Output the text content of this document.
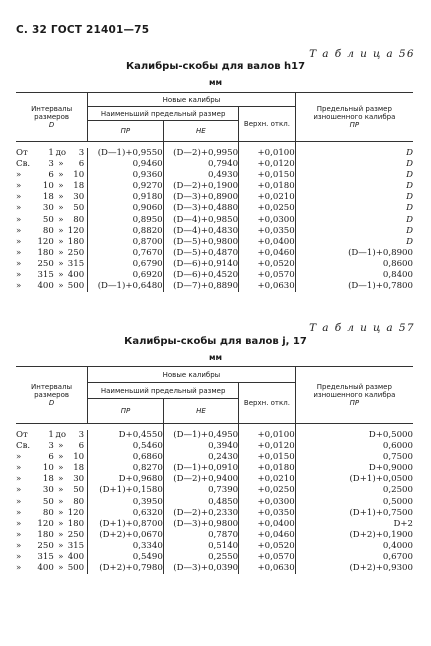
С. 32 ГОСТ 21401—75
Т а б л и ц а 56
Калибры-скобы для валов h17
мм
Интервалы размеров
D				Новые калибры			Предельный размер изношенного калибра
ПР
				Наименьший предельный размер		Верхн. откл.	
				ПР	НЕ		

От	1	до	3	(D—1)+0,9550	(D—2)+0,9950	+0,0100	D
Св.	3	»	6	0,9460	0,7940	+0,0120	D
»	6	»	10	0,9360	0,4930	+0,0150	D
»	10	»	18	0,9270	(D—2)+0,1900	+0,0180	D
»	18	»	30	0,9180	(D—3)+0,8900	+0,0210	D
»	30	»	50	0,9060	(D—3)+0,4880	+0,0250	D
»	50	»	80	0,8950	(D—4)+0,9850	+0,0300	D
»	80	»	120	0,8820	(D—4)+0,4830	+0,0350	D
»	120	»	180	0,8700	(D—5)+0,9800	+0,0400	D
»	180	»	250	0,7670	(D—5)+0,4870	+0,0460	(D—1)+0,8900
»	250	»	315	0,6790	(D—6)+0,9140	+0,0520	0,8600
»	315	»	400	0,6920	(D—6)+0,4520	+0,0570	0,8400
»	400	»	500	(D—1)+0,6480	(D—7)+0,8890	+0,0630	(D—1)+0,7800
Т а б л и ц а 57
Калибры-скобы для валов j, 17
мм
Интервалы размеров
D				Новые калибры			Предельный размер изношенного калибра
ПР
				Наименьший предельный размер		Верхн. откл.	
				ПР	НЕ		

От	1	до	3	D+0,4550	(D—1)+0,4950	+0,0100	D+0,5000
Св.	3	»	6	0,5460	0,3940	+0,0120	0,6000
»	6	»	10	0,6860	0,2430	+0,0150	0,7500
»	10	»	18	0,8270	(D—1)+0,0910	+0,0180	D+0,9000
»	18	»	30	D+0,9680	(D—2)+0,9400	+0,0210	(D+1)+0,0500
»	30	»	50	(D+1)+0,1580	0,7390	+0,0250	0,2500
»	50	»	80	0,3950	0,4850	+0,0300	0,5000
»	80	»	120	0,6320	(D—2)+0,2330	+0,0350	(D+1)+0,7500
»	120	»	180	(D+1)+0,8700	(D—3)+0,9800	+0,0400	D+2
»	180	»	250	(D+2)+0,0670	0,7870	+0,0460	(D+2)+0,1900
»	250	»	315	0,3340	0,5140	+0,0520	0,4000
»	315	»	400	0,5490	0,2550	+0,0570	0,6700
»	400	»	500	(D+2)+0,7980	(D—3)+0,0390	+0,0630	(D+2)+0,9300
